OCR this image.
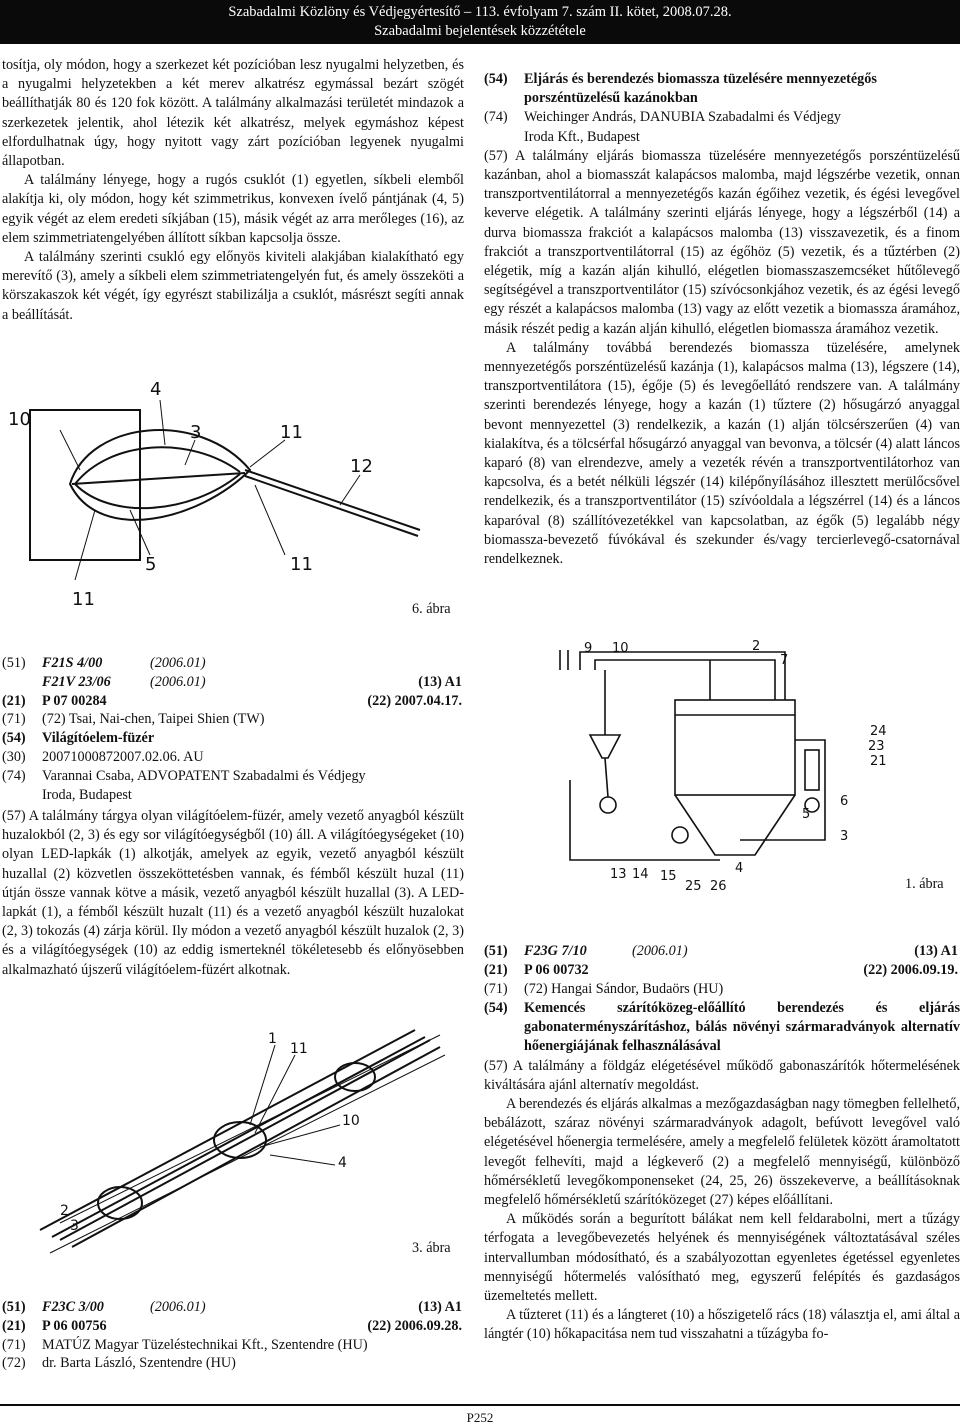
Szabadalmi Közlöny és Védjegyértesítő – 113. évfolyam 7. szám II. kötet, 2008.07.28.
Szabadalmi bejelentések közzététele

tosítja, oly módon, hogy a szerkezet két pozícióban lesz nyugalmi helyzetben, és a nyugalmi helyzetekben a két merev alkatrész egymással bezárt szögét beállíthatják 80 és 120 fok között. A találmány alkalmazási területét mindazok a szerkezetek jelentik, ahol létezik két alkatrész, melyek egymáshoz képest elfordulhatnak úgy, hogy nyitott vagy zárt pozícióban legyenek nyugalmi állapotban.

A találmány lényege, hogy a rugós csuklót (1) egyetlen, síkbeli elemből alakítja ki, oly módon, hogy két szimmetrikus, konvexen ívelő pántjának (4, 5) egyik végét az elem eredeti síkjában (15), másik végét az arra merőleges (16), az elem szimmetriatengelyében állított síkban kapcsolja össze.

A találmány szerinti csukló egy előnyös kiviteli alakjában kialakítható egy merevítő (3), amely a síkbeli elem szimmetriatengelyén fut, és amely összeköti a körszakaszok két végét, így egyrészt stabilizálja a csuklót, másrészt segíti annak a beállítását.

10
4
3	11
12
5	11
11	6. ábra
(51) F21S 4/00	(2006.01)
F21V 23/06	(2006.01)	(13) A1
(21) P 07 00284	(22) 2007.04.17.
(71) (72) Tsai, Nai-chen, Taipei Shien (TW)
(54) Világítóelem-füzér
(30) 20071000872007.02.06. AU
(74) Varannai Csaba, ADVOPATENT Szabadalmi és Védjegy
Iroda, Budapest

(57) A találmány tárgya olyan világítóelem-füzér, amely vezető anyagból készült huzalokból (2, 3) és egy sor világítóegységből (10) áll. A világítóegységeket (10) olyan LED-lapkák (1) alkotják, amelyek az egyik, vezető anyagból készült huzallal (2) közvetlen összeköttetésben vannak, és fémből készült huzal (11) útján össze vannak kötve a másik, vezető anyagból készült huzallal (3). A LED-lapkát (1), a fémből készült huzalt (11) és a vezető anyagból készült huzalokat (2, 3) tokozás (4) zárja körül. Ily módon a vezető anyagból készült huzalok (2, 3) és a világítóegységek (10) az eddig ismerteknél tökéletesebb és előnyösebben alkalmazható újszerű világítóelem-füzért alkotnak.

1
11
10
4
2
3
3. ábra
(51) F23C 3/00	(2006.01)	(13) A1
(21) P 06 00756	(22) 2006.09.28.
(71) MATÚZ Magyar Tüzeléstechnikai Kft., Szentendre (HU)
(72) dr. Barta László, Szentendre (HU)
(54) Eljárás és berendezés biomassza tüzelésére mennyezetégős porszéntüzelésű kazánokban
(74) Weichinger András, DANUBIA Szabadalmi és Védjegy
Iroda Kft., Budapest

(57) A találmány eljárás biomassza tüzelésére mennyezetégős porszéntüzelésű kazánban, ahol a biomasszát kalapácsos malomba, majd légszérbe vezetik, onnan transzportventilátorral a mennyezetégős kazán égőihez vezetik, és égési levegővel keverve elégetik. A találmány szerinti eljárás lényege, hogy a légszérből (14) a durva biomassza frakciót a kalapácsos malomba (13) visszavezetik, és a finom frakciót a transzportventilátorral (15) az égőhöz (5) vezetik, és a tűztérben (2) elégetik, míg a kazán alján kihulló, elégetlen biomasszaszemcséket hűtőlevegő segítségével a transzportventilátor (15) szívócsonkjához vezetik, és az égési levegő egy részét a kalapácsos malomba (13) vagy az előtt vezetik a biomassza áramához, másik részét pedig a kazán alján kihulló, elégetlen biomassza áramához vezetik.

A találmány továbbá berendezés biomassza tüzelésére, amelynek mennyezetégős porszéntüzelésű kazánja (1), kalapácsos malma (13), légszere (14), transzportventilátora (15), égője (5) és levegőellátó rendszere van. A találmány szerinti berendezés lényege, hogy a kazán (1) tűztere (2) hősugárzó anyaggal bevont mennyezettel (3) rendelkezik, a kazán (1) alján tölcsérszerűen (4) van kialakítva, és a tölcsérfal hősugárzó anyaggal van bevonva, a tölcsér (4) alatt láncos kaparó (8) van elrendezve, amely a vezeték révén a transzportventilátorhoz van kapcsolva, és a betét nélküli légszér (14) kilépőnyílásához illesztett merülőcsővel rendelkezik, és a transzportventilátor (15) szívóoldala a légszérrel (14) és a láncos kaparóval (8) szállítóvezetékkel van kapcsolatban, az égők (5) legalább négy biomassza-bevezető fúvókával és szekunder és/vagy tercierlevegő-csatornával rendelkeznek.

9 10	2
7
24
23
21
3
14
13
25 26
15
4
5
6
1. ábra
(51) F23G 7/10	(2006.01)	(13) A1
(21) P 06 00732	(22) 2006.09.19.
(71) (72) Hangai Sándor, Budaörs (HU)
(54) Kemencés szárítóközeg-előállító berendezés és eljárás gabonaterményszárításhoz, bálás növényi szármaradványok alternatív hőenergiájának felhasználásával

(57) A találmány a földgáz elégetésével működő gabonaszárítók hőtermelésének kiváltására ajánl alternatív megoldást.

A berendezés és eljárás alkalmas a mezőgazdaságban nagy tömegben fellelhető, bebálázott, száraz növényi szármaradványok adagolt, befúvott levegővel való elégetésével hőenergia termelésére, amely a megfelelő felületek között áramoltatott levegőt felhevíti, majd a légkeverő (2) a megfelelő mennyiségű, különböző hőmérsékletű levegőkomponenseket (24, 25, 26) összekeverve, a beállításoknak megfelelő hőmérsékletű szárítóközeget (27) képes előállítani.

A működés során a begurított bálákat nem kell feldarabolni, mert a tűzágy térfogata a levegőbevezetés helyének és mennyiségének változtatásával széles intervallumban módosítható, és a szabályozottan egyenletes égetéssel egyenletes mennyiségű hőtermelés valósítható meg, egyszerű felépítés és gazdaságos üzemeltetés mellett.

A tűzteret (11) és a lángteret (10) a hőszigetelő rács (18) választja el, ami által a lángtér (10) hőkapacitása nem tud visszahatni a tűzágyba fo-

P252
